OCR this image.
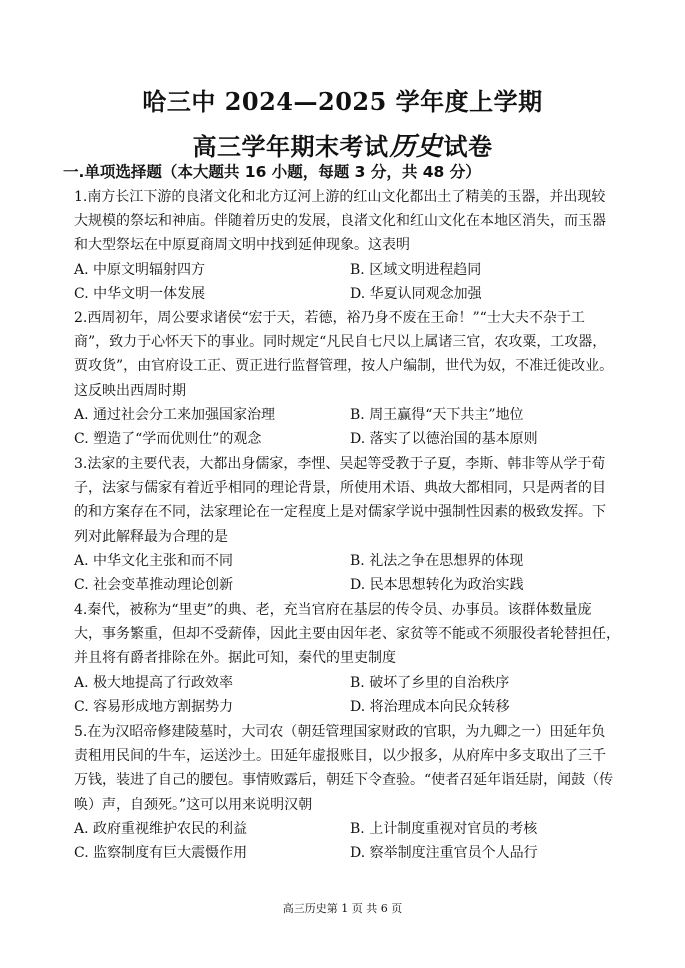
哈三中 2024—2025 学年度上学期
高三学年期末考试历史试卷
一.单项选择题（本大题共 16 小题，每题 3 分，共 48 分）

1.南方长江下游的良渚文化和北方辽河上游的红山文化都出土了精美的玉器，并出现较

大规模的祭坛和神庙。伴随着历史的发展，良渚文化和红山文化在本地区消失，而玉器

和大型祭坛在中原夏商周文明中找到延伸现象。这表明

A. 中原文明辐射四方	B. 区域文明进程趋同

C. 中华文明一体发展	D. 华夏认同观念加强

2.西周初年，周公要求诸侯“宏于天，若德，裕乃身不废在王命！”“士大夫不杂于工

商”，致力于心怀天下的事业。同时规定“凡民自七尺以上属诸三官，农攻粟，工攻器，

贾攻货”，由官府设工正、贾正进行监督管理，按人户编制，世代为奴，不准迁徙改业。

这反映出西周时期

A. 通过社会分工来加强国家治理	B. 周王赢得“天下共主”地位

C. 塑造了“学而优则仕”的观念	D. 落实了以德治国的基本原则

3.法家的主要代表，大都出身儒家，李悝、吴起等受教于子夏，李斯、韩非等从学于荀

子，法家与儒家有着近乎相同的理论背景，所使用术语、典故大都相同，只是两者的目

的和方案存在不同，法家理论在一定程度上是对儒家学说中强制性因素的极致发挥。下

列对此解释最为合理的是

A. 中华文化主张和而不同	B. 礼法之争在思想界的体现

C. 社会变革推动理论创新	D. 民本思想转化为政治实践

4.秦代，被称为“里吏”的典、老，充当官府在基层的传令员、办事员。该群体数量庞

大，事务繁重，但却不受薪俸，因此主要由因年老、家贫等不能或不须服役者轮替担任，

并且将有爵者排除在外。据此可知，秦代的里吏制度

A. 极大地提高了行政效率	B. 破坏了乡里的自治秩序

C. 容易形成地方割据势力	D. 将治理成本向民众转移

5.在为汉昭帝修建陵墓时，大司农（朝廷管理国家财政的官职，为九卿之一）田延年负

责租用民间的牛车，运送沙土。田延年虚报账目，以少报多，从府库中多支取出了三千

万钱，装进了自己的腰包。事情败露后，朝廷下令查验。“使者召延年诣廷尉，闻鼓（传

唤）声，自颈死。”这可以用来说明汉朝

A. 政府重视维护农民的利益	B. 上计制度重视对官员的考核

C. 监察制度有巨大震慑作用	D. 察举制度注重官员个人品行

高三历史第 1 页 共 6 页
